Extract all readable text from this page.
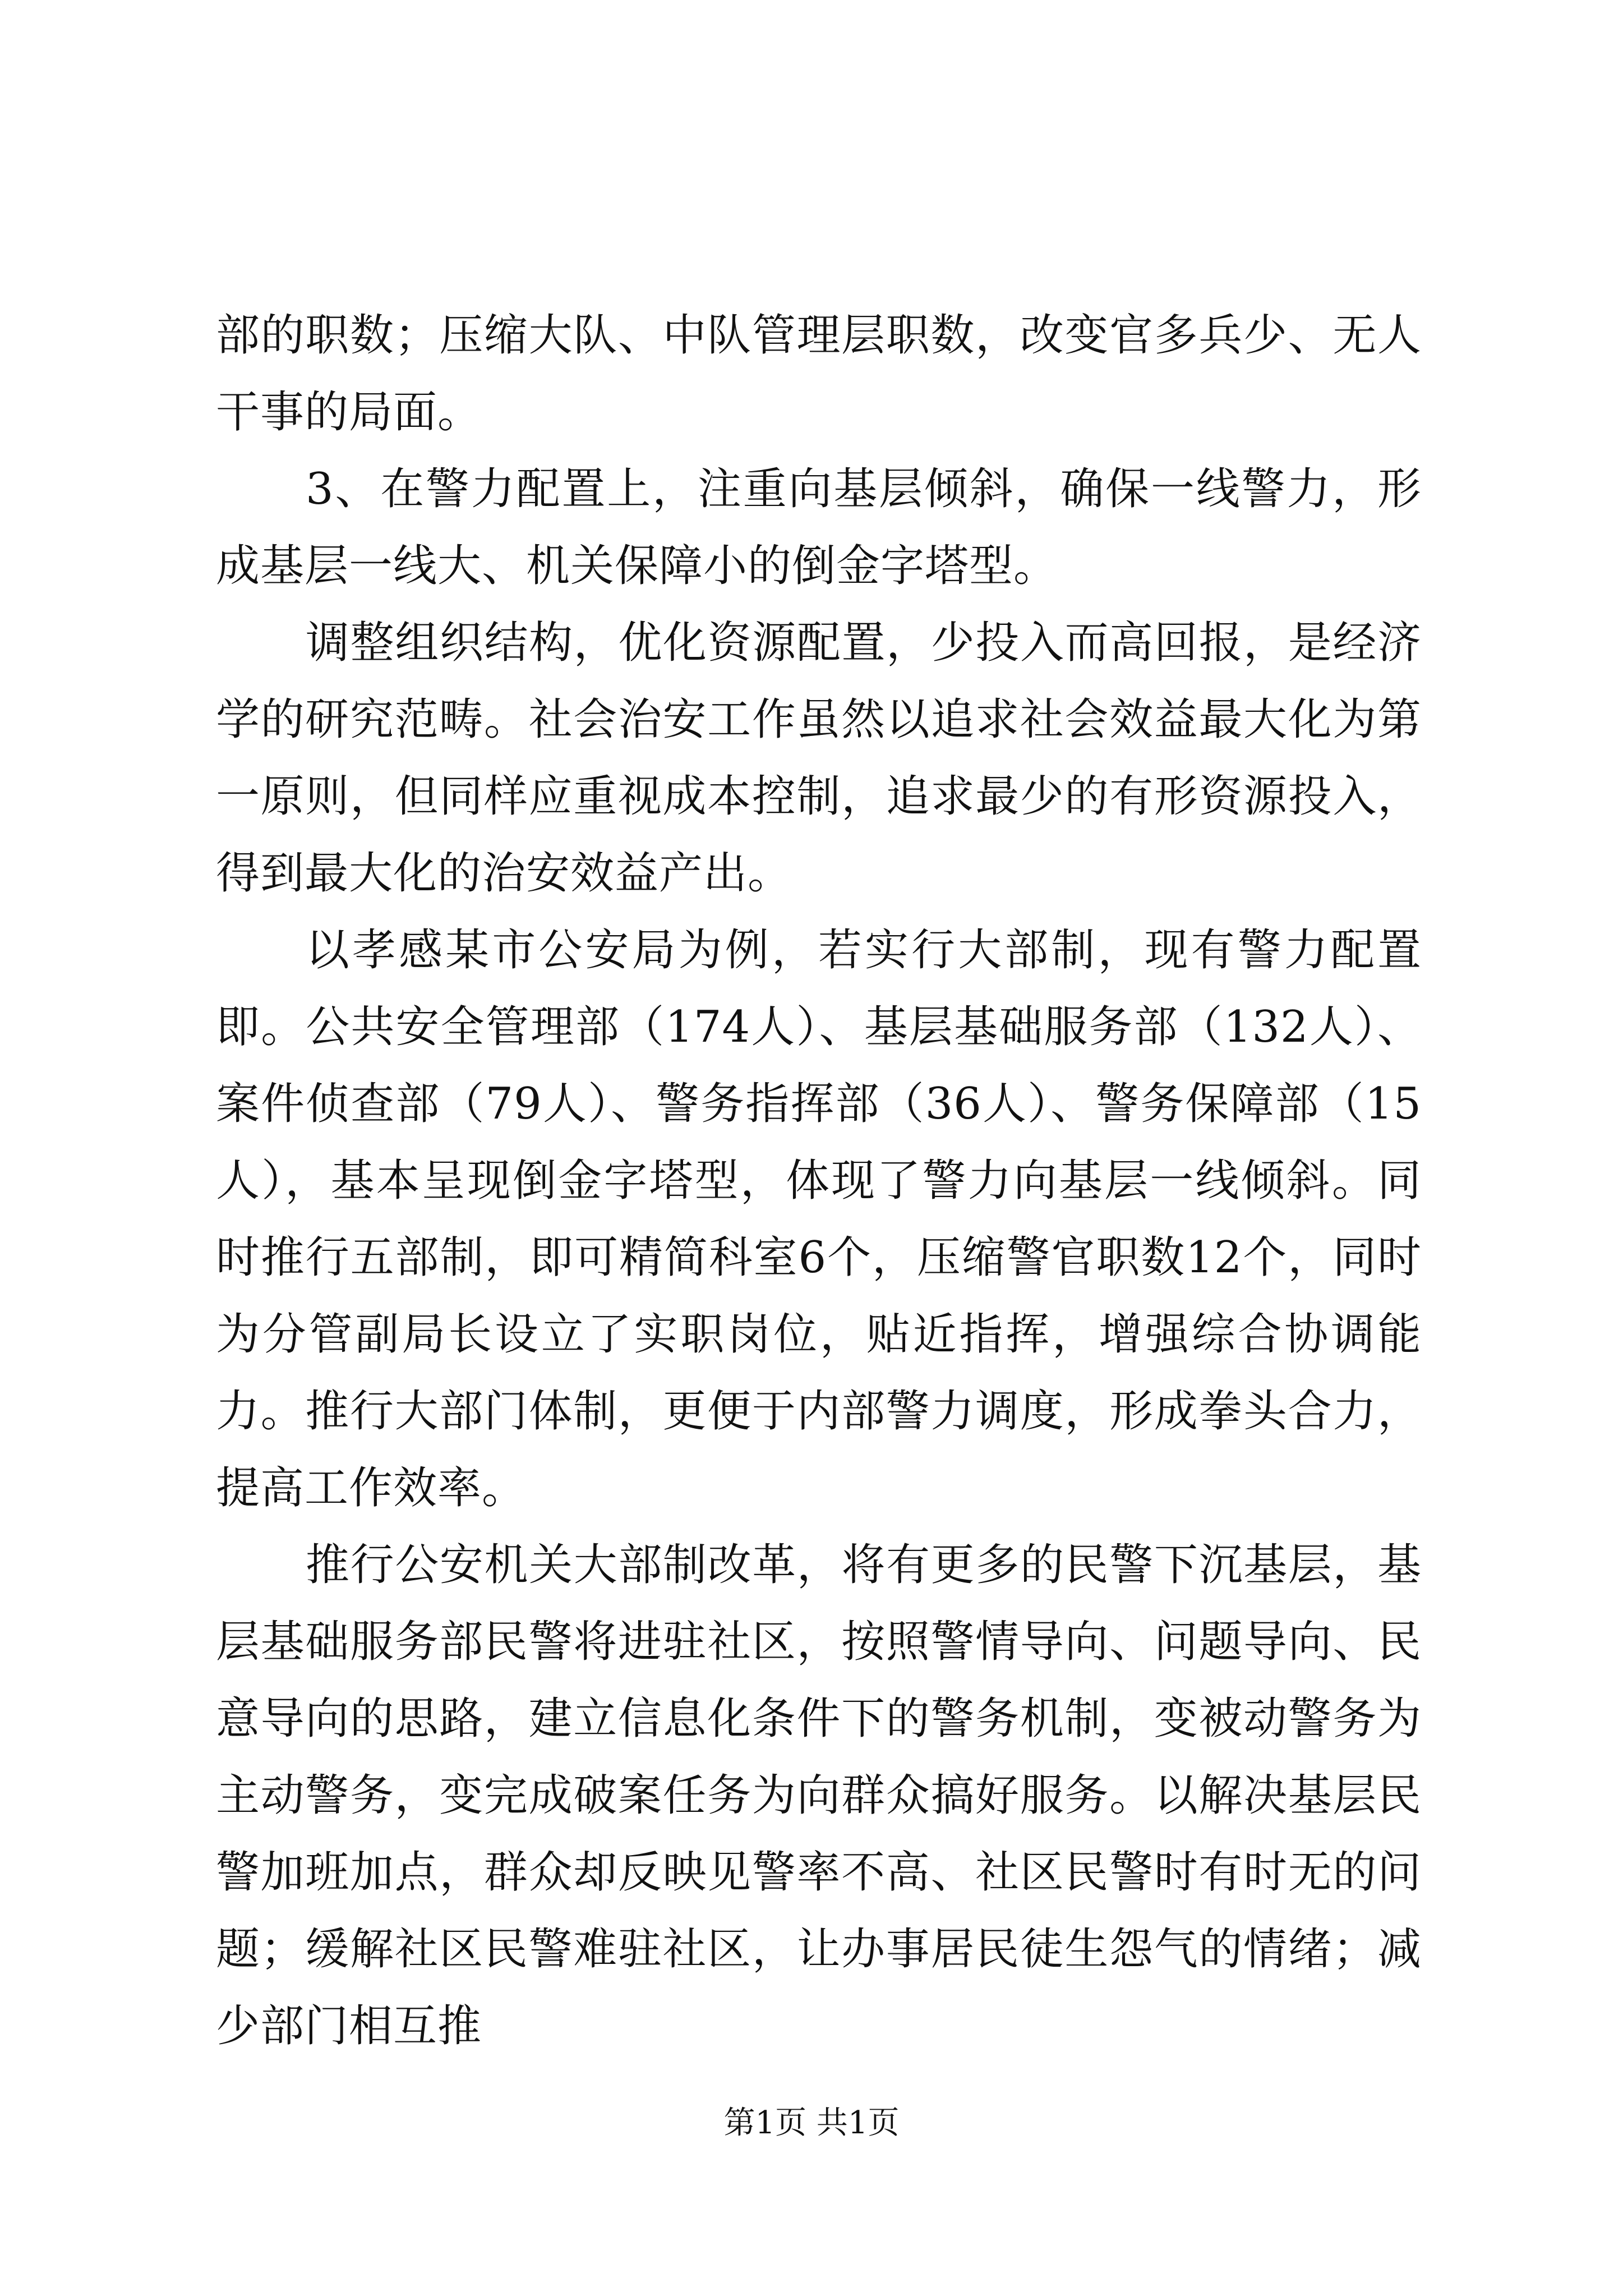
部的职数；压缩大队、中队管理层职数，改变官多兵少、无人干事的局面。

3、在警力配置上，注重向基层倾斜，确保一线警力，形成基层一线大、机关保障小的倒金字塔型。

调整组织结构，优化资源配置，少投入而高回报，是经济学的研究范畴。社会治安工作虽然以追求社会效益最大化为第一原则，但同样应重视成本控制，追求最少的有形资源投入，得到最大化的治安效益产出。

以孝感某市公安局为例，若实行大部制，现有警力配置即。公共安全管理部（174人）、基层基础服务部（132人）、案件侦查部（79人）、警务指挥部（36人）、警务保障部（15人），基本呈现倒金字塔型，体现了警力向基层一线倾斜。同时推行五部制，即可精简科室6个，压缩警官职数12个，同时为分管副局长设立了实职岗位，贴近指挥，增强综合协调能力。推行大部门体制，更便于内部警力调度，形成拳头合力，提高工作效率。

推行公安机关大部制改革，将有更多的民警下沉基层，基层基础服务部民警将进驻社区，按照警情导向、问题导向、民意导向的思路，建立信息化条件下的警务机制，变被动警务为主动警务，变完成破案任务为向群众搞好服务。以解决基层民警加班加点，群众却反映见警率不高、社区民警时有时无的问题；缓解社区民警难驻社区，让办事居民徒生怨气的情绪；减少部门相互推

第1页 共1页
